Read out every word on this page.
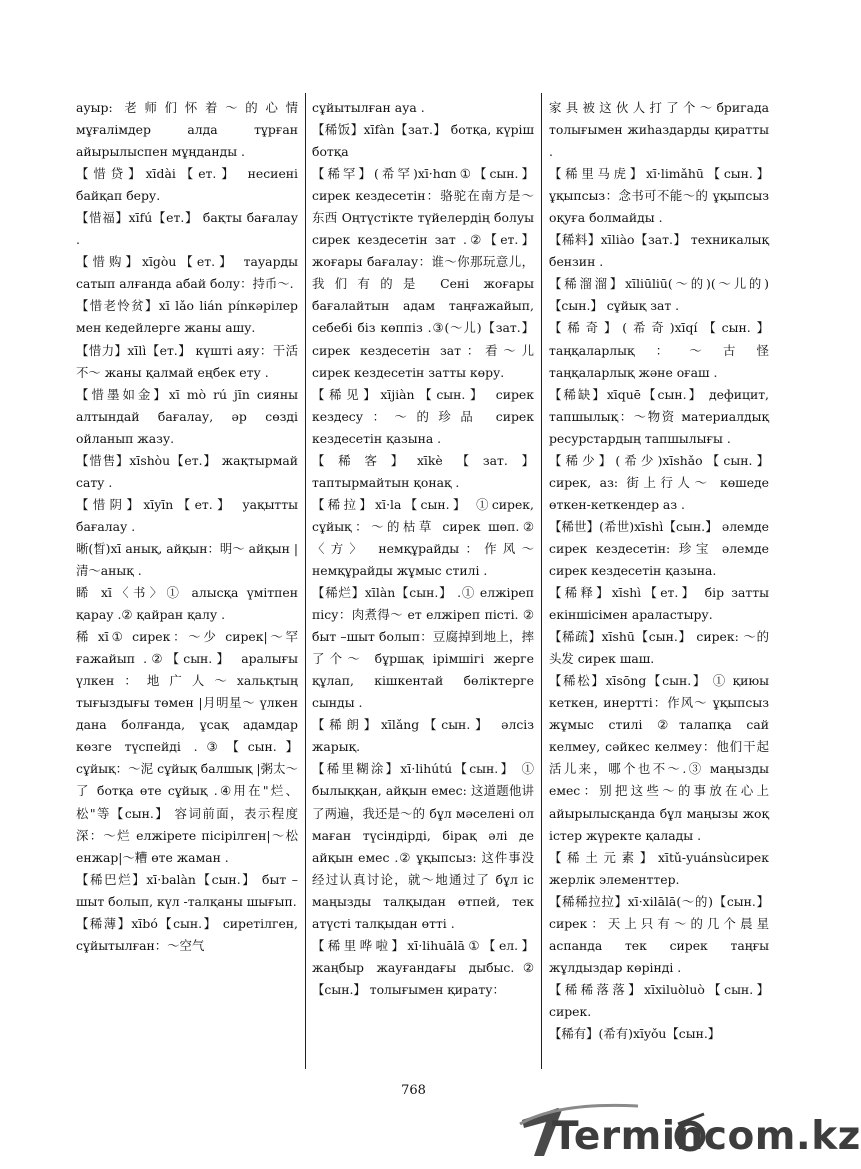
ауыр: 老师们怀着～的心情 мұғалімдер алда тұрған айырылыспен мұңданды .

【惜贷】xīdài【ет.】 несиені байқап беру.

【惜福】xīfú【ет.】 бақты бағалау .

【惜购】xīgòu【ет.】 тауарды сатып алғанда абай болу：持币～.

【惜老怜贫】xī lǎo lián pínкәрілер мен кедейлерге жаны ашу.

【惜力】xīlì【ет.】 күшті аяу：干活不～ жаны қалмай еңбек ету .

【惜墨如金】xī mò rú jīn сияны алтындай бағалау, әр сөзді ойланып жазу.

【惜售】xīshòu【ет.】 жақтырмай сату .

【惜阴】xīyīn【ет.】 уақытты бағалау .

晰(晳)xī анық, айқын：明～ айқын |清～анық .

睎 xī〈书〉① алысқа үмітпен қарау .② қайран қалу .

稀 xī① сирек：～少 сирек|～罕 ғажайып .②【сын.】 аралығы үлкен：地广人～хальқтың тығыздығы төмен |月明星～ үлкен дана болғанда, ұсақ адамдар көзге түспейді .③【сын.】 сұйық：～泥 сұйық балшық |粥太～了 ботқа өте сұйық .④用在"烂、松"等【сын.】 容词前面，表示程度深：～烂 елжірете пісірілген|～松 енжар|～糟 өте жаман .

【稀巴烂】xī·balàn【сын.】 быт –шыт болып, күл -талқаны шығып.

【稀薄】xībó【сын.】 сиретілген, сұйытылған：～空气

сұйытылған ауа .

【稀饭】xīfàn【зат.】 ботқа, күріш ботқа

【稀罕】(希罕)xī·hɑn①【сын.】 сирек кездесетін：骆驼在南方是～东西 Оңтүстікте түйелердің болуы сирек кездесетін зат .②【ет.】 жоғары бағалау：谁～你那玩意儿，我们有的是 Сені жоғары бағалайтын адам таңғажайып, себебі біз көппіз .③(～儿)【зат.】 сирек кездесетін зат：看～儿 сирек кездесетін затты көру.

【稀见】xījiàn【сын.】 сирек кездесу：～的珍品 сирек кездесетін қазына .

【稀客】xīkè【зат.】 таптырмайтын қонақ .

【稀拉】xī·la【сын.】 ①сирек, сұйық：～的枯草 сирек шөп.②〈方〉 немқұрайды：作风～ немқұрайды жұмыс стилі .

【稀烂】xīlàn【сын.】 .① елжіреп пісу：肉煮得～ ет елжіреп пісті. ② быт –шыт болып：豆腐掉到地上，摔了个～ бұршақ ірімшігі жерге құлап, кішкентай бөліктерге сынды .

【稀朗】xīlǎng【сын.】 әлсіз жарық.

【稀里糊涂】xī·lihútú【сын.】 ① былыққан, айқын емес: 这道题他讲了两遍，我还是～的 бұл мәселені ол маған түсіндірді, бірақ әлі де айқын емес .② ұқыпсыз: 这件事没经过认真讨论，就～地通过了 бұл іс маңызды талқыдан өтпей, тек атүсті талқыдан өтті .

【稀里哗啦】xī·lihuālā①【ел.】 жаңбыр жауғандағы дыбыс.②【сын.】 толығымен қирату：

家具被这伙人打了个～бригада толығымен жиһаздарды қиратты .

【稀里马虎】xī·limǎhū【сын.】 ұқыпсыз：念书可不能～的 ұқыпсыз оқуға болмайды .

【稀料】xīliào【зат.】 техникалық бензин .

【稀溜溜】xīliūliū(～的)(～儿的)【сын.】 сұйық зат .

【稀奇】(希奇)xīqí【сын.】 таңқаларлық：～古怪 таңқаларлық және оғаш .

【稀缺】xīquē【сын.】 дефицит, тапшылық：～物资 материалдық ресурстардың тапшылығы .

【稀少】(希少)xīshǎo【сын.】 сирек, аз: 街上行人～ көшеде өткен-кеткендер аз .

【稀世】(希世)xīshì【сын.】 әлемде сирек кездесетін: 珍宝 әлемде сирек кездесетін қазына.

【稀释】xīshì【ет.】 бір затты екіншісімен араластыру.

【稀疏】xīshū【сын.】 сирек: ～的头发 сирек шаш.

【稀松】xīsōng【сын.】 ① қиюы кеткен, инертті：作风～ ұқыпсыз жұмыс стилі ②талапқа сай келмеу, сәйкес келмеу：他们干起活儿来，哪个也不～.③ маңызды емес：别把这些～的事放在心上 айырылысқанда бұл маңызы жоқ істер жүректе қалады .

【稀土元素】xītǔ-yuánsùсирек жерлік элементтер.

【稀稀拉拉】xī·xilālā(～的)【сын.】 сирек：天上只有～的几个晨星 аспанда тек сирек таңғы жұлдыздар көрінді .

【稀稀落落】xīxiluòluò【сын.】 сирек.

【稀有】(希有)xīyǒu【сын.】

768
Termincom.kz
